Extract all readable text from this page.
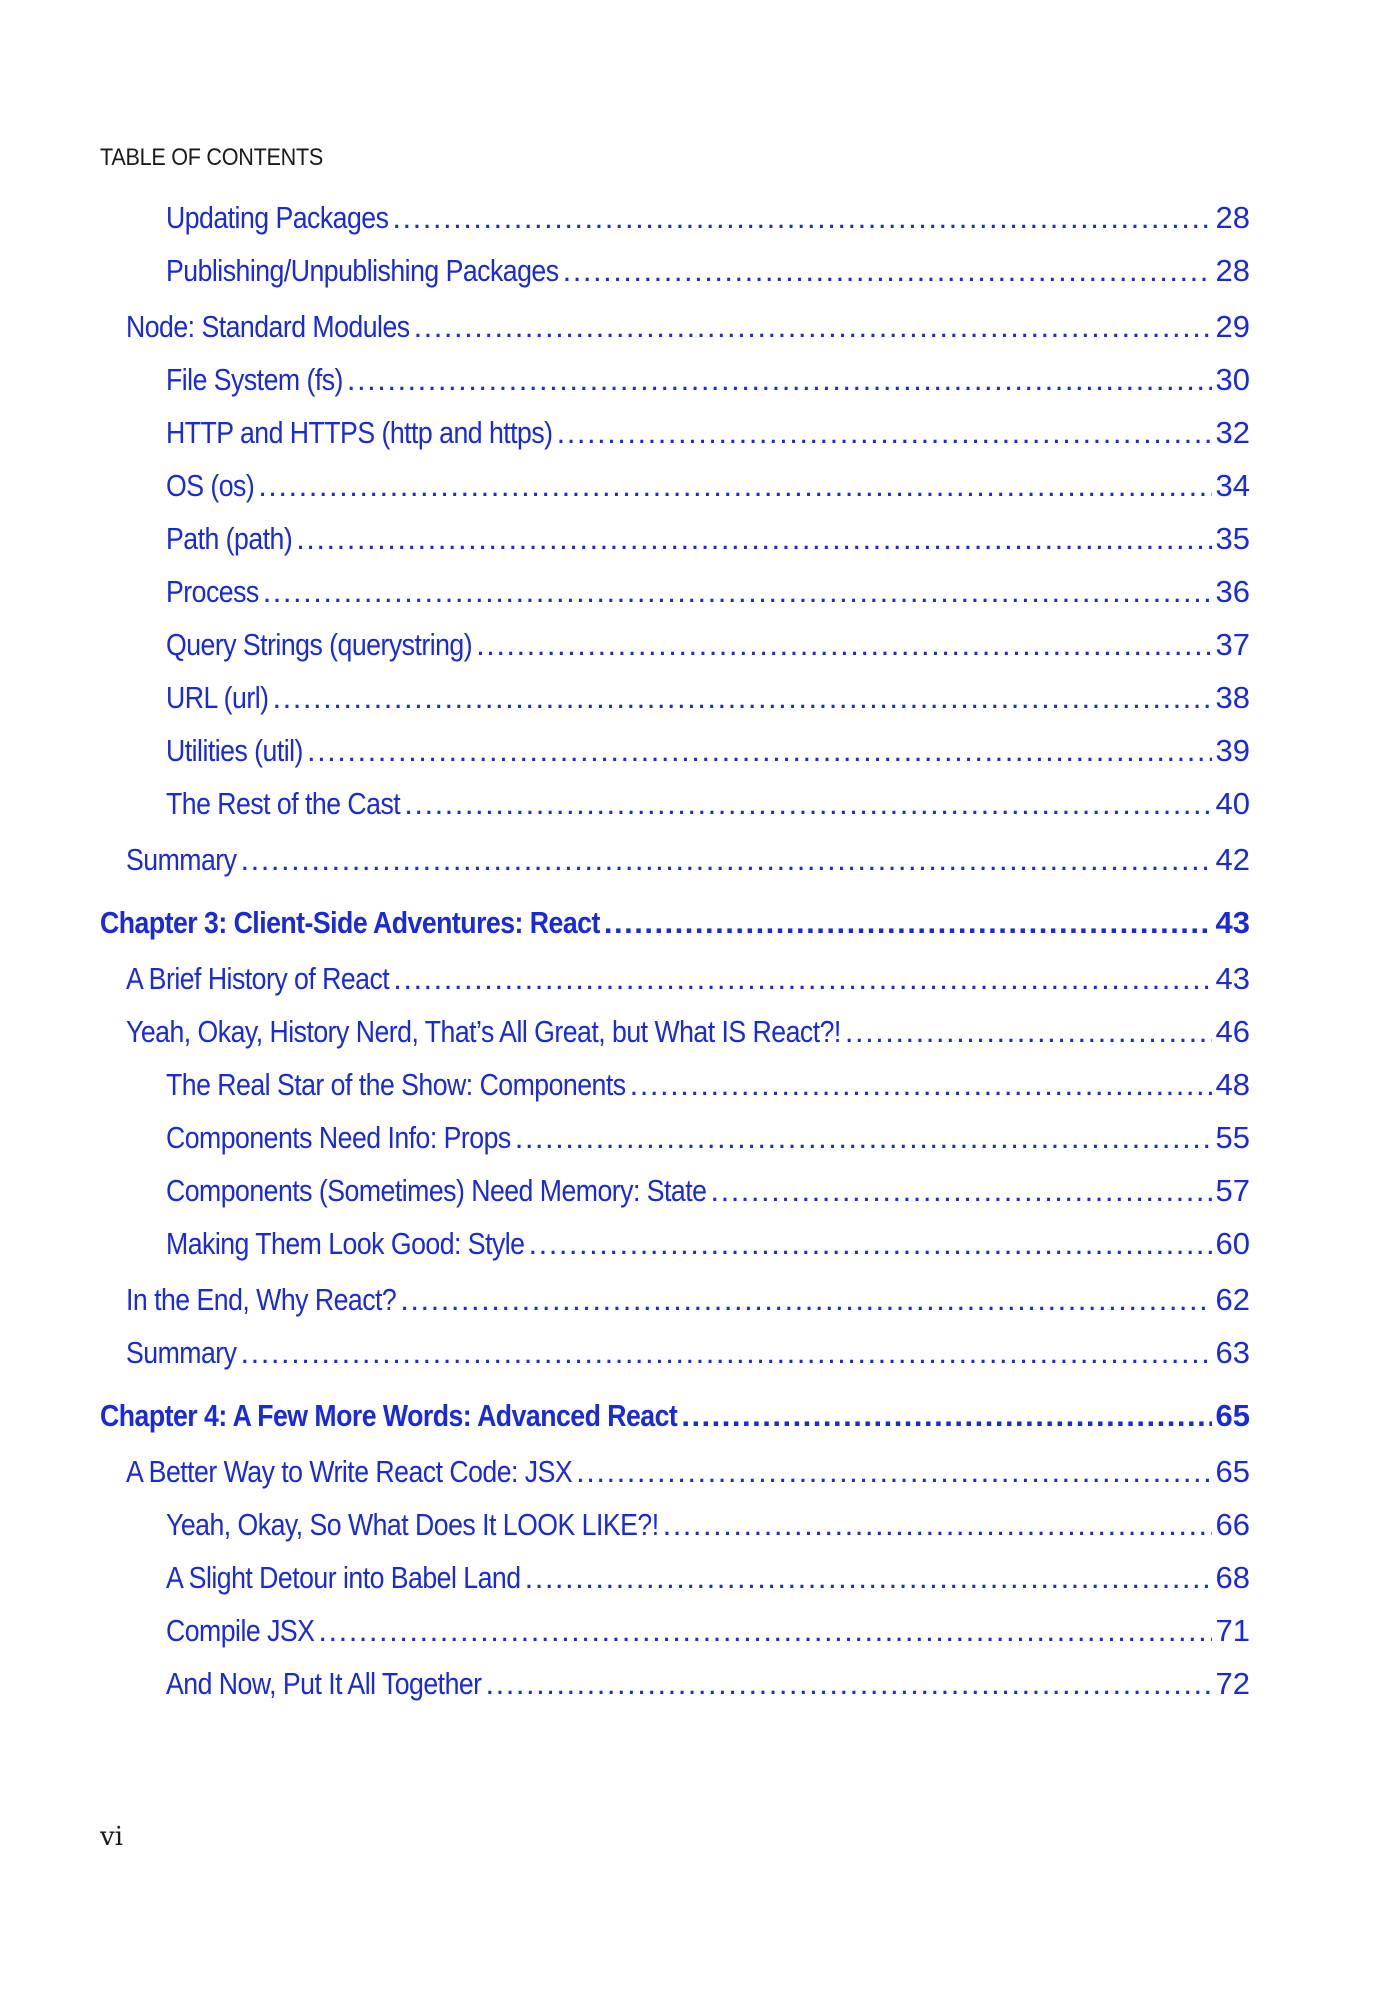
TABLE OF CONTENTS
Updating Packages .....	28
Publishing/Unpublishing Packages .....	28
Node: Standard Modules .....	29
File System (fs) .....	30
HTTP and HTTPS (http and https) .....	32
OS (os) .....	34
Path (path) .....	35
Process .....	36
Query Strings (querystring) .....	37
URL (url) .....	38
Utilities (util) .....	39
The Rest of the Cast .....	40
Summary .....	42
Chapter 3: Client-Side Adventures: React .....	43
A Brief History of React .....	43
Yeah, Okay, History Nerd, That’s All Great, but What IS React?! .....	46
The Real Star of the Show: Components .....	48
Components Need Info: Props .....	55
Components (Sometimes) Need Memory: State .....	57
Making Them Look Good: Style .....	60
In the End, Why React? .....	62
Summary .....	63
Chapter 4: A Few More Words: Advanced React .....	65
A Better Way to Write React Code: JSX .....	65
Yeah, Okay, So What Does It LOOK LIKE?! .....	66
A Slight Detour into Babel Land .....	68
Compile JSX .....	71
And Now, Put It All Together .....	72
vi
